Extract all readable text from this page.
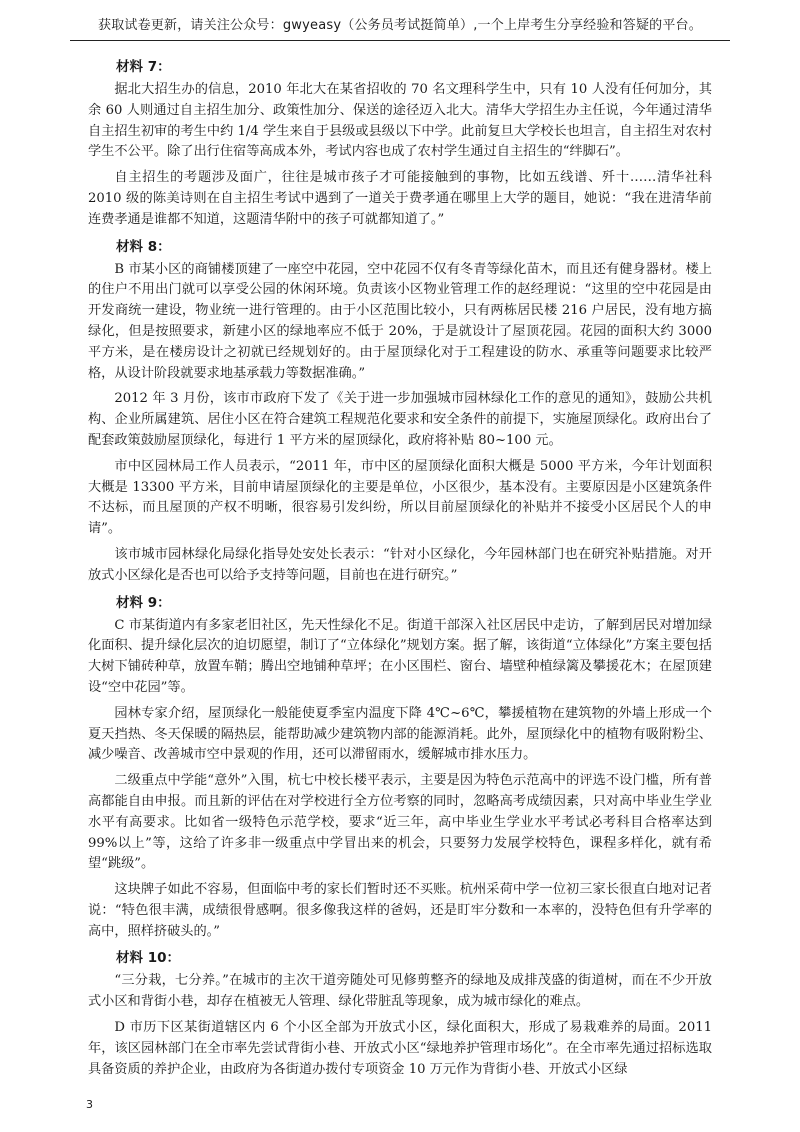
获取试卷更新，请关注公众号：gwyeasy（公务员考试挺简单）,一个上岸考生分享经验和答疑的平台。
材料 7：

据北大招生办的信息，2010 年北大在某省招收的 70 名文理科学生中，只有 10 人没有任何加分，其余 60 人则通过自主招生加分、政策性加分、保送的途径迈入北大。清华大学招生办主任说，今年通过清华自主招生初审的考生中约 1/4 学生来自于县级或县级以下中学。此前复旦大学校长也坦言，自主招生对农村学生不公平。除了出行住宿等高成本外，考试内容也成了农村学生通过自主招生的“绊脚石”。

自主招生的考题涉及面广，往往是城市孩子才可能接触到的事物，比如五线谱、歼十……清华社科 2010 级的陈美诗则在自主招生考试中遇到了一道关于费孝通在哪里上大学的题目，她说：“我在进清华前连费孝通是谁都不知道，这题清华附中的孩子可就都知道了。”

材料 8：

B 市某小区的商铺楼顶建了一座空中花园，空中花园不仅有冬青等绿化苗木，而且还有健身器材。楼上的住户不用出门就可以享受公园的休闲环境。负责该小区物业管理工作的赵经理说：“这里的空中花园是由开发商统一建设，物业统一进行管理的。由于小区范围比较小，只有两栋居民楼 216 户居民，没有地方搞绿化，但是按照要求，新建小区的绿地率应不低于 20%，于是就设计了屋顶花园。花园的面积大约 3000 平方米，是在楼房设计之初就已经规划好的。由于屋顶绿化对于工程建设的防水、承重等问题要求比较严格，从设计阶段就要求地基承载力等数据准确。”

2012 年 3 月份，该市市政府下发了《关于进一步加强城市园林绿化工作的意见的通知》，鼓励公共机构、企业所属建筑、居住小区在符合建筑工程规范化要求和安全条件的前提下，实施屋顶绿化。政府出台了配套政策鼓励屋顶绿化，每进行 1 平方米的屋顶绿化，政府将补贴 80~100 元。

市中区园林局工作人员表示，“2011 年，市中区的屋顶绿化面积大概是 5000 平方米，今年计划面积大概是 13300 平方米，目前申请屋顶绿化的主要是单位，小区很少，基本没有。主要原因是小区建筑条件不达标，而且屋顶的产权不明晰，很容易引发纠纷，所以目前屋顶绿化的补贴并不接受小区居民个人的申请”。

该市城市园林绿化局绿化指导处安处长表示：“针对小区绿化，今年园林部门也在研究补贴措施。对开放式小区绿化是否也可以给予支持等问题，目前也在进行研究。”

材料 9：

C 市某街道内有多家老旧社区，先天性绿化不足。街道干部深入社区居民中走访，了解到居民对增加绿化面积、提升绿化层次的迫切愿望，制订了“立体绿化”规划方案。据了解，该街道“立体绿化”方案主要包括大树下铺砖种草，放置车鞘；腾出空地铺种草坪；在小区围栏、窗台、墙壁种植绿篱及攀援花木；在屋顶建设“空中花园”等。

园林专家介绍，屋顶绿化一般能使夏季室内温度下降 4℃~6℃，攀援植物在建筑物的外墙上形成一个夏天挡热、冬天保暖的隔热层，能帮助减少建筑物内部的能源消耗。此外，屋顶绿化中的植物有吸附粉尘、减少噪音、改善城市空中景观的作用，还可以滞留雨水，缓解城市排水压力。

二级重点中学能“意外”入围，杭七中校长楼平表示，主要是因为特色示范高中的评选不设门槛，所有普高都能自由申报。而且新的评估在对学校进行全方位考察的同时，忽略高考成绩因素，只对高中毕业生学业水平有高要求。比如省一级特色示范学校，要求“近三年，高中毕业生学业水平考试必考科目合格率达到 99%以上”等，这给了许多非一级重点中学冒出来的机会，只要努力发展学校特色，课程多样化，就有希望“跳级”。

这块牌子如此不容易，但面临中考的家长们暂时还不买账。杭州采荷中学一位初三家长很直白地对记者说：“特色很丰满，成绩很骨感啊。很多像我这样的爸妈，还是盯牢分数和一本率的，没特色但有升学率的高中，照样挤破头的。”

材料 10：

“三分栽，七分养。”在城市的主次干道旁随处可见修剪整齐的绿地及成排茂盛的街道树，而在不少开放式小区和背街小巷，却存在植被无人管理、绿化带脏乱等现象，成为城市绿化的难点。

D 市历下区某街道辖区内 6 个小区全部为开放式小区，绿化面积大，形成了易栽难养的局面。2011 年，该区园林部门在全市率先尝试背街小巷、开放式小区“绿地养护管理市场化”。在全市率先通过招标选取具备资质的养护企业，由政府为各街道办拨付专项资金 10 万元作为背街小巷、开放式小区绿

3
